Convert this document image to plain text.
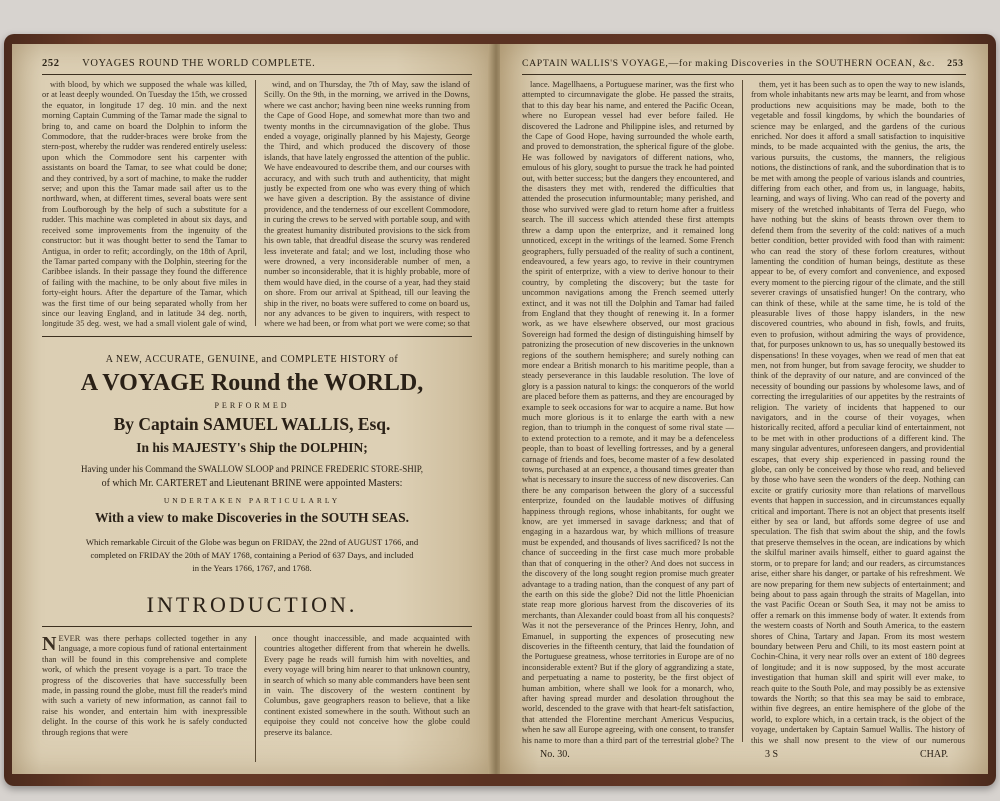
252 VOYAGES ROUND THE WORLD COMPLETE.

with blood, by which we supposed the whale was killed, or at least deeply wounded. On Tuesday the 15th, we crossed the equator, in longitude 17 deg. 10 min. and the next morning Captain Cumming of the Tamar made the signal to bring to, and came on board the Dolphin to inform the Commodore, that the rudder-braces were broke from the stern-post, whereby the rudder was rendered entirely useless: upon which the Commodore sent his carpenter with assistants on board the Tamar, to see what could be done; and they contrived, by a sort of machine, to make the rudder serve; and upon this the Tamar made sail after us to the northward, when, at different times, several boats were sent from Loufborough by the help of such a substitute for a rudder. This machine was completed in about six days, and received some improvements from the ingenuity of the constructor: but it was thought better to send the Tamar to Antigua, in order to refit; accordingly, on the 18th of April, the Tamar parted company with the Dolphin, steering for the Caribbee islands. In their passage they found the difference of failing with the machine, to be only about five miles in forty-eight hours. After the departure of the Tamar, which was the first time of our being separated wholly from her since our leaving England, and in latitude 34 deg. north, longitude 35 deg. west, we had a small violent gale of wind,

wind, and on Thursday, the 7th of May, saw the island of Scilly. On the 9th, in the morning, we arrived in the Downs, where we cast anchor; having been nine weeks running from the Cape of Good Hope, and somewhat more than two and twenty months in the circumnavigation of the globe. Thus ended a voyage, originally planned by his Majesty, George the Third, and which produced the discovery of those islands, that have lately engrossed the attention of the public. We have endeavoured to describe them, and our courses with accuracy, and with such truth and authenticity, that might justly be expected from one who was every thing of which we have given a description. By the assistance of divine providence, and the tenderness of our excellent Commodore, in curing the crews to be served with portable soup, and with the greatest humanity distributed provisions to the sick from his own table, that dreadful disease the scurvy was rendered less inveterate and fatal; and we lost, including those who were drowned, a very inconsiderable number of men, a number so inconsiderable, that it is highly probable, more of them would have died, in the course of a year, had they staid on shore. From our arrival at Spithead, till our leaving the ship in the river, no boats were suffered to come on board us, nor any advances to be given to inquirers, with respect to where we had been, or from what port we were come; so that

A NEW, ACCURATE, GENUINE, and COMPLETE HISTORY of
A VOYAGE Round the WORLD,
PERFORMED
By Captain SAMUEL WALLIS, Esq.
In his MAJESTY's Ship the DOLPHIN;
Having under his Command the SWALLOW SLOOP and PRINCE FREDERIC STORE-SHIP,
of which Mr. CARTERET and Lieutenant BRINE were appointed Masters:
UNDERTAKEN PARTICULARLY
With a view to make Discoveries in the SOUTH SEAS.
Which remarkable Circuit of the Globe was begun on FRIDAY, the 22nd of AUGUST 1766, and
completed on FRIDAY the 20th of MAY 1768, containing a Period of 637 Days, and included
in the Years 1766, 1767, and 1768.
INTRODUCTION.
NEVER was there perhaps collected together in any language, a more copious fund of rational entertainment than will be found in this comprehensive and complete work, of which the present voyage is a part. To trace the progress of the discoveries that have successfully been made, in passing round the globe, must fill the reader's mind with such a variety of new information, as cannot fail to raise his wonder, and entertain him with inexpressible delight. In the course of this work he is safely conducted through regions that were

once thought inaccessible, and made acquainted with countries altogether different from that wherein he dwells. Every page he reads will furnish him with novelties, and every voyage will bring him nearer to that unknown country, in search of which so many able commanders have been sent in vain. The discovery of the western continent by Columbus, gave geographers reason to believe, that a like continent existed somewhere in the south. Without such an equipoise they could not conceive how the globe could preserve its balance.

CAPTAIN WALLIS'S VOYAGE,—for making Discoveries in the SOUTHERN OCEAN, &c. 253

lance. Magellhaens, a Portuguese mariner, was the first who attempted to circumnavigate the globe. He passed the straits, that to this day bear his name, and entered the Pacific Ocean, where no European vessel had ever before failed. He discovered the Ladrone and Philippine isles, and returned by the Cape of Good Hope, having surrounded the whole earth, and proved to demonstration, the spherical figure of the globe. He was followed by navigators of different nations, who, emulous of his glory, sought to pursue the track he had pointed out, with better success; but the dangers they encountered, and the disasters they met with, rendered the difficulties that attended the prosecution infurmountable; many perished, and those who survived were glad to return home after a fruitless search. The ill success which attended these first attempts threw a damp upon the enterprize, and it remained long unnoticed, except in the writings of the learned. Some French geographers, fully persuaded of the reality of such a continent, endeavoured, a few years ago, to revive in their countrymen the spirit of enterprize, with a view to derive honour to their country, by completing the discovery; but the taste for uncommon navigations among the French seemed utterly extinct, and it was not till the Dolphin and Tamar had failed from England that they thought of renewing it. In a former work, as we have elsewhere observed, our most gracious Sovereign had formed the design of distinguishing himself by patronizing the prosecution of new discoveries in the unknown regions of the southern hemisphere; and surely nothing can more endear a British monarch to his maritime people, than a steady perseverance in this laudable resolution. The love of glory is a passion natural to kings: the conquerors of the world are placed before them as patterns, and they are encouraged by example to seek occasions for war to acquire a name. But how much more glorious is it to enlarge the earth with a new region, than to triumph in the conquest of some rival state — to extend protection to a remote, and it may be a defenceless people, than to boast of levelling fortresses, and by a general carnage of friends and foes, become master of a few desolated towns, purchased at an expence, a thousand times greater than what is necessary to insure the success of new discoveries. Can there be any comparison between the glory of a successful enterprize, founded on the laudable motives of diffusing happiness through regions, whose inhabitants, for ought we know, are yet immersed in savage darkness; and that of engaging in a hazardous war, by which millions of treasure must be expended, and thousands of lives sacrificed? Is not the chance of succeeding in the first case much more probable than that of conquering in the other? And does not success in the discovery of the long sought region promise much greater advantage to a trading nation, than the conquest of any part of the earth on this side the globe? Did not the little Phoenician state reap more glorious harvest from the discoveries of its merchants, than Alexander could boast from all his conquests? Was it not the perseverance of the Princes Henry, John, and Emanuel, in supporting the expences of prosecuting new discoveries in the fifteenth century, that laid the foundation of the Portuguese greatness, whose territories in Europe are of no inconsiderable extent? But if the glory of aggrandizing a state, and perpetuating a name to posterity, be the first object of human ambition, where shall we look for a monarch, who, after having spread murder and desolation throughout the world, descended to the grave with that heart-felt satisfaction, that attended the Florentine merchant Americus Vespucius, when he saw all Europe agreeing, with one consent, to transfer his name to more than a third part of the terrestrial globe? The

them, yet it has been such as to open the way to new islands, from whole inhabitants new arts may be learnt, and from whose productions new acquisitions may be made, both to the vegetable and fossil kingdoms, by which the boundaries of science may be enlarged, and the gardens of the curious enriched. Nor does it afford a small satisfaction to inquisitive minds, to be made acquainted with the genius, the arts, the various pursuits, the customs, the manners, the religious notions, the distinctions of rank, and the subordination that is to be met with among the people of various islands and countries, differing from each other, and from us, in language, habits, learning, and ways of living. Who can read of the poverty and misery of the wretched inhabitants of Terra del Fuego, who have nothing but the skins of beasts thrown over them to defend them from the severity of the cold: natives of a much better condition, better provided with food than with raiment: who can read the story of these forlorn creatures, without lamenting the condition of human beings, destitute as these appear to be, of every comfort and convenience, and exposed every moment to the piercing rigour of the climate, and the still severer cravings of unsatisfied hunger! On the contrary, who can think of these, while at the same time, he is told of the pleasurable lives of those happy islanders, in the new discovered countries, who abound in fish, fowls, and fruits, even to profusion, without admiring the ways of providence, that, for purposes unknown to us, has so unequally bestowed its dispensations! In these voyages, when we read of men that eat men, not from hunger, but from savage ferocity, we shudder to think of the depravity of our nature, and are convinced of the necessity of bounding our passions by wholesome laws, and of correcting the irregularities of our appetites by the restraints of religion. The variety of incidents that happened to our navigators, and in the course of their voyages, when historically recited, afford a peculiar kind of entertainment, not to be met with in other productions of a different kind. The many singular adventures, unforeseen dangers, and providential escapes, that every ship experienced in passing round the globe, can only be conceived by those who read, and believed by those who have seen the wonders of the deep. Nothing can excite or gratify curiosity more than relations of marvellous events that happen in succession, and in circumstances equally critical and important. There is not an object that presents itself either by sea or land, but affords some degree of use and speculation. The fish that swim about the ship, and the fowls that preserve themselves in the ocean, are indications by which the skilful mariner avails himself, either to guard against the storm, or to prepare for land; and our readers, as circumstances arise, either share his danger, or partake of his refreshment. We are now preparing for them new subjects of entertainment; and being about to pass again through the straits of Magellan, into the vast Pacific Ocean or South Sea, it may not be amiss to offer a remark on this immense body of water. It extends from the western coasts of North and South America, to the eastern shores of China, Tartary and Japan. From its most western boundary between Peru and Chili, to its most eastern point at Cochin-China, it very near rolls over an extent of 180 degrees of longitude; and it is now supposed, by the most accurate investigation that human skill and spirit will ever make, to reach quite to the South Pole, and may possibly be as extensive towards the North; so that this sea may be said to embrace, within five degrees, an entire hemisphere of the globe of the world, to explore which, in a certain track, is the object of the voyage, undertaken by Captain Samuel Wallis. The history of this we shall now present to the view of our numerous

No. 30.	3 S	CHAP.
